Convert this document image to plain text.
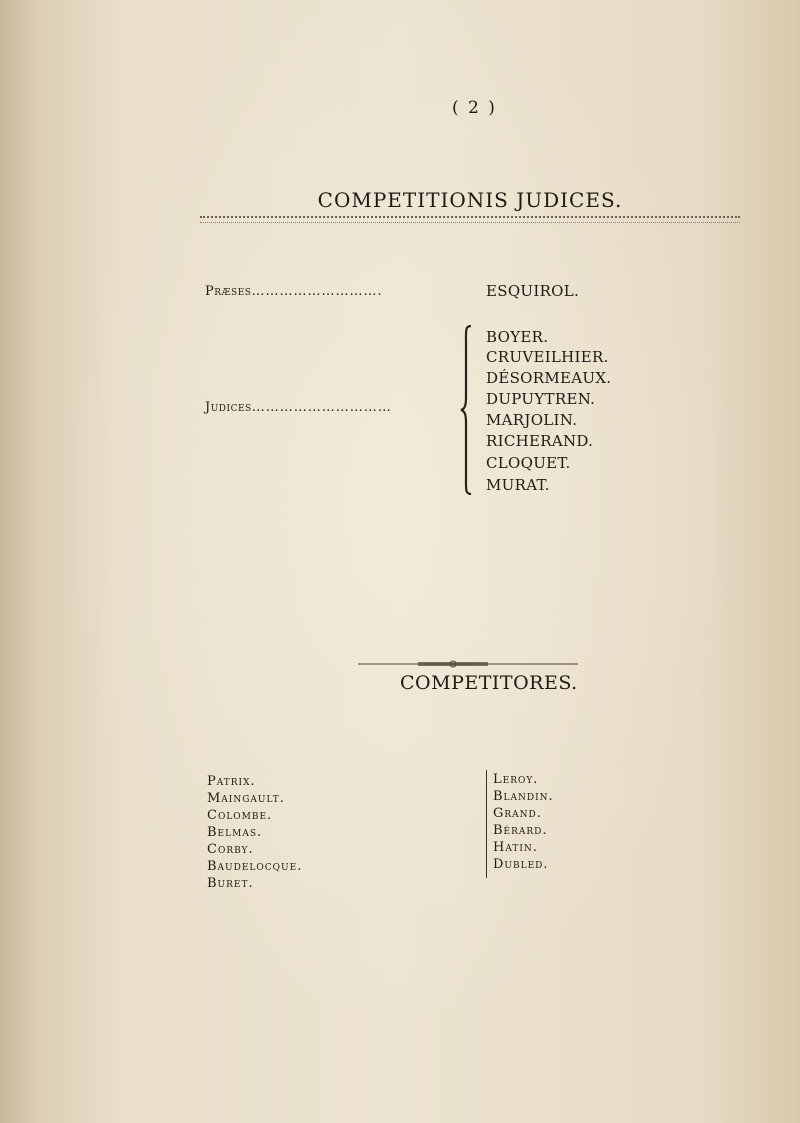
( 2 )
COMPETITIONIS JUDICES.
Præses……………………….	ESQUIROL.
Judices…………………………
BOYER.
CRUVEILHIER.
DÉSORMEAUX.
DUPUYTREN.
MARJOLIN.
RICHERAND.
CLOQUET.
MURAT.
COMPETITORES.
Patrix.
Maingault.
Colombe.
Belmas.
Corby.
Baudelocque.
Buret.
Leroy.
Blandin.
Grand.
Bérard.
Hatin.
Dubled.
